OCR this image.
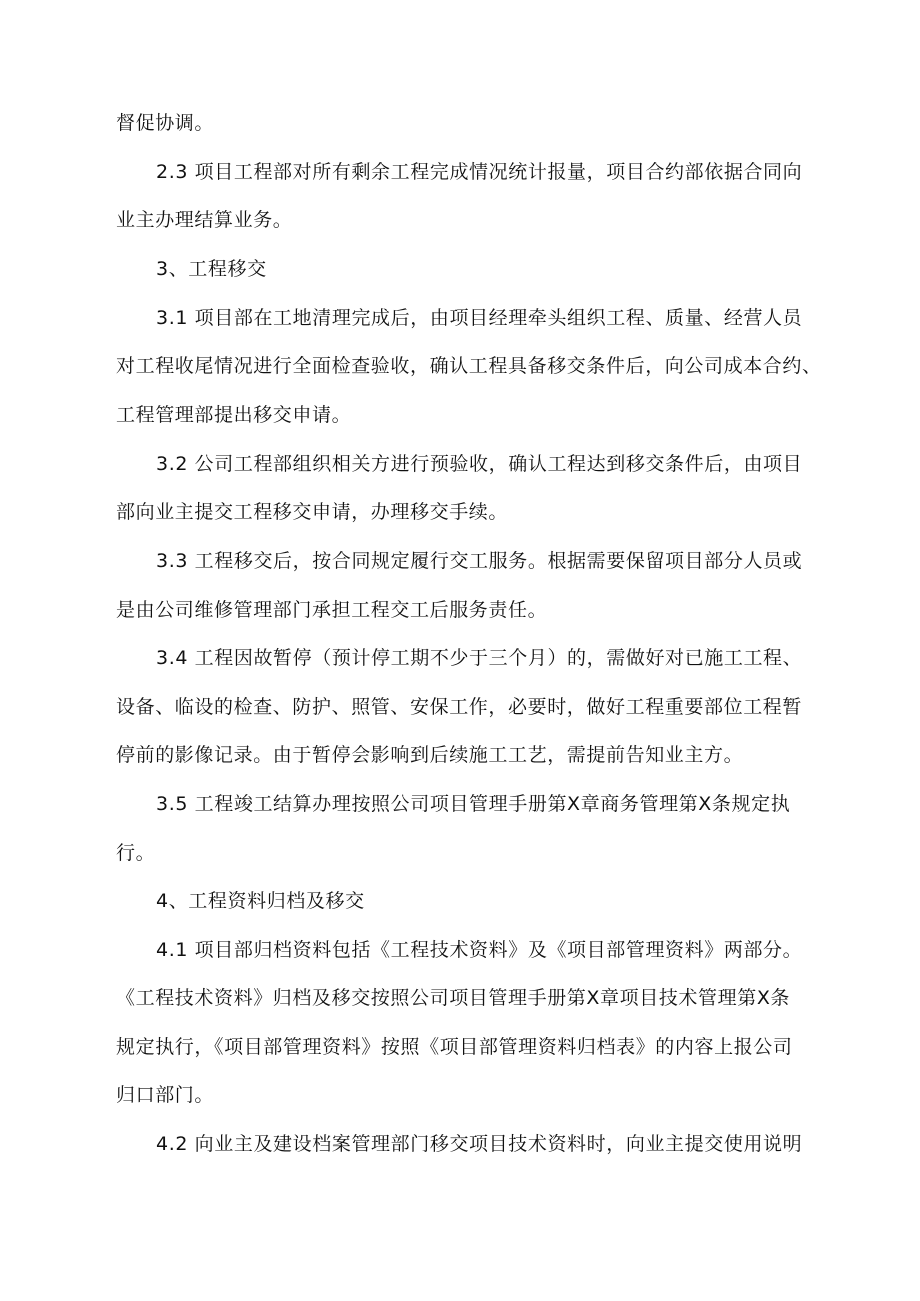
督促协调。
2.3 项目工程部对所有剩余工程完成情况统计报量，项目合约部依据合同向
业主办理结算业务。
3、工程移交
3.1 项目部在工地清理完成后，由项目经理牵头组织工程、质量、经营人员
对工程收尾情况进行全面检查验收，确认工程具备移交条件后，向公司成本合约、
工程管理部提出移交申请。
3.2 公司工程部组织相关方进行预验收，确认工程达到移交条件后，由项目
部向业主提交工程移交申请，办理移交手续。
3.3 工程移交后，按合同规定履行交工服务。根据需要保留项目部分人员或
是由公司维修管理部门承担工程交工后服务责任。
3.4 工程因故暂停（预计停工期不少于三个月）的，需做好对已施工工程、
设备、临设的检查、防护、照管、安保工作，必要时，做好工程重要部位工程暂
停前的影像记录。由于暂停会影响到后续施工工艺，需提前告知业主方。
3.5 工程竣工结算办理按照公司项目管理手册第X章商务管理第X条规定执
行。
4、工程资料归档及移交
4.1 项目部归档资料包括《工程技术资料》及《项目部管理资料》两部分。
《工程技术资料》归档及移交按照公司项目管理手册第X章项目技术管理第X条
规定执行，《项目部管理资料》按照《项目部管理资料归档表》的内容上报公司
归口部门。
4.2 向业主及建设档案管理部门移交项目技术资料时，向业主提交使用说明
